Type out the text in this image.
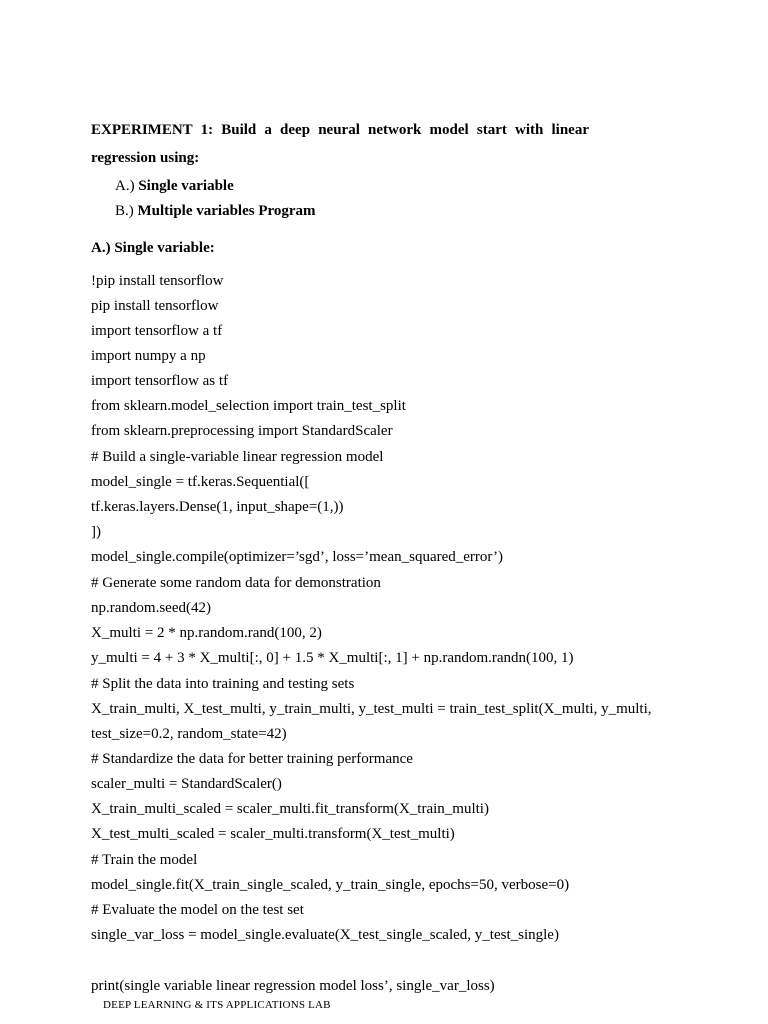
EXPERIMENT 1: Build a deep neural network model start with linear
regression using:
A.) Single variable
B.) Multiple variables Program
A.) Single variable:
!pip install tensorflow
pip install tensorflow
import tensorflow a tf
import numpy a np
import tensorflow as tf
from sklearn.model_selection import train_test_split
from sklearn.preprocessing import StandardScaler
# Build a single-variable linear regression model
model_single = tf.keras.Sequential([
tf.keras.layers.Dense(1, input_shape=(1,))
])
model_single.compile(optimizer=’sgd’, loss=’mean_squared_error’)
# Generate some random data for demonstration
np.random.seed(42)
X_multi = 2 * np.random.rand(100, 2)
y_multi = 4 + 3 * X_multi[:, 0] + 1.5 * X_multi[:, 1] + np.random.randn(100, 1)
# Split the data into training and testing sets
X_train_multi, X_test_multi, y_train_multi, y_test_multi = train_test_split(X_multi, y_multi,
test_size=0.2, random_state=42)
# Standardize the data for better training performance
scaler_multi = StandardScaler()
X_train_multi_scaled = scaler_multi.fit_transform(X_train_multi)
X_test_multi_scaled = scaler_multi.transform(X_test_multi)
# Train the model
model_single.fit(X_train_single_scaled, y_train_single, epochs=50, verbose=0)
# Evaluate the model on the test set
single_var_loss = model_single.evaluate(X_test_single_scaled, y_test_single)
print(single variable linear regression model loss’, single_var_loss)
DEEP LEARNING & ITS APPLICATIONS LAB
